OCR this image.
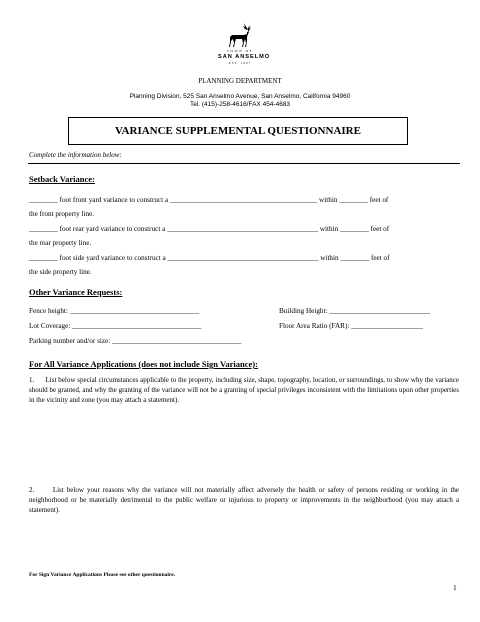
TOWN OF
SAN ANSELMO
EST. 1907
PLANNING DEPARTMENT
Planning Division, 525 San Anselmo Avenue, San Anselmo, California 94960
Tel. (415)-258-4616/FAX 454-4683
VARIANCE SUPPLEMENTAL QUESTIONNAIRE
Complete the information below:
Setback Variance:
________ foot front yard variance to construct a _________________________________________ within ________ feet of
the front property line.
________ foot rear yard variance to construct a __________________________________________ within ________ feet of
the rear property line.
________ foot side yard variance to construct a __________________________________________ within ________ feet of
the side property line.
Other Variance Requests:
Fence height: ____________________________________	Building Height: ____________________________
Lot Coverage: ____________________________________	Floor Area Ratio (FAR): ____________________
Parking number and/or size: ____________________________________
For All Variance Applications (does not include Sign Variance):
1.      List below special circumstances applicable to the property, including size, shape, topography, location, or surroundings, to show why the variance should be granted, and why the granting of the variance will not be a granting of special privileges inconsistent with the limitations upon other properties in the vicinity and zone (you may attach a statement).
2.      List below your reasons why the variance will not materially affect adversely the health or safety of persons residing or working in the neighborhood or be materially detrimental to the public welfare or injurious to property or improvements in the neighborhood (you may attach a statement).
For Sign Variance Applications Please see other questionnaire.
1
